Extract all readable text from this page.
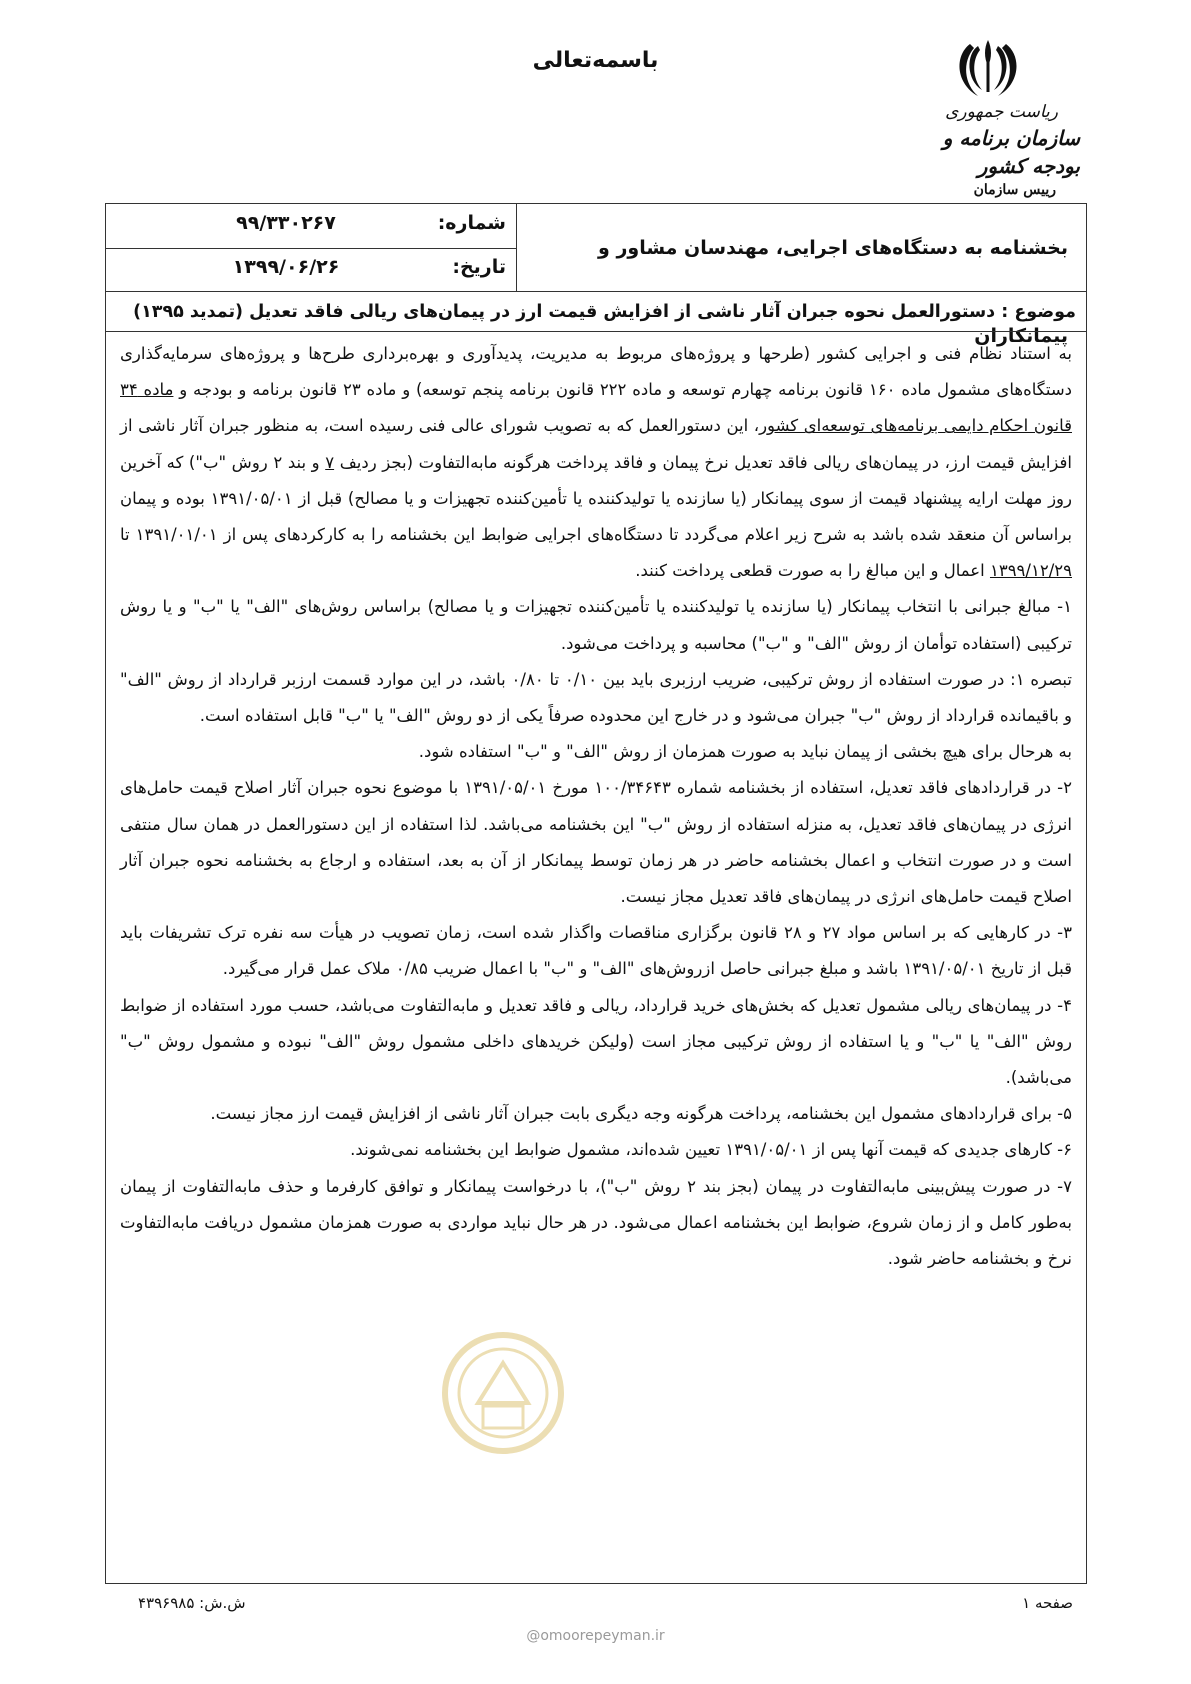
باسمه‌تعالی
ریاست جمهوری
سازمان برنامه و بودجه کشور
رییس سازمان
بخشنامه به دستگاه‌های اجرایی، مهندسان مشاور و پیمانکاران
شماره:
۹۹/۳۳۰۲۶۷
تاریخ:
۱۳۹۹/۰۶/۲۶
موضوع : دستورالعمل نحوه جبران آثار ناشی از افزایش قیمت ارز در پیمان‌های ریالی فاقد تعدیل (تمدید ۱۳۹۵)

به استناد نظام فنی و اجرایی کشور (طرحها و پروژه‌های مربوط به مدیریت، پدیدآوری و بهره‌برداری طرح‌ها و پروژه‌های سرمایه‌گذاری دستگاه‌های مشمول ماده ۱۶۰ قانون برنامه چهارم توسعه و ماده ۲۲۲ قانون برنامه پنجم توسعه) و ماده ۲۳ قانون برنامه و بودجه و ماده ۳۴ قانون احکام دایمی برنامه‌های توسعه‌ای کشور، این دستورالعمل که به تصویب شورای عالی فنی رسیده است، به منظور جبران آثار ناشی از افزایش قیمت ارز، در پیمان‌های ریالی فاقد تعدیل نرخ پیمان و فاقد پرداخت هرگونه مابه‌التفاوت (بجز ردیف ۷ و بند ۲ روش "ب") که آخرین روز مهلت ارایه پیشنهاد قیمت از سوی پیمانکار (یا سازنده یا تولیدکننده یا تأمین‌کننده تجهیزات و یا مصالح) قبل از ۱۳۹۱/۰۵/۰۱ بوده و پیمان براساس آن منعقد شده باشد به شرح زیر اعلام می‌گردد تا دستگاه‌های اجرایی ضوابط این بخشنامه را به کارکردهای پس از ۱۳۹۱/۰۱/۰۱ تا ۱۳۹۹/۱۲/۲۹ اعمال و این مبالغ را به صورت قطعی پرداخت کنند.

۱- مبالغ جبرانی با انتخاب پیمانکار (یا سازنده یا تولیدکننده یا تأمین‌کننده تجهیزات و یا مصالح) براساس روش‌های "الف" یا "ب" و یا روش ترکیبی (استفاده توأمان از روش "الف" و "ب") محاسبه و پرداخت می‌شود.

تبصره ۱: در صورت استفاده از روش ترکیبی، ضریب ارزبری باید بین ۰/۱۰ تا ۰/۸۰ باشد، در این موارد قسمت ارزبر قرارداد از روش "الف" و باقیمانده قرارداد از روش "ب" جبران می‌شود و در خارج این محدوده صرفاً یکی از دو روش "الف" یا "ب" قابل استفاده است.

به هرحال برای هیچ بخشی از پیمان نباید به صورت همزمان از روش "الف" و "ب" استفاده شود.

۲- در قراردادهای فاقد تعدیل، استفاده از بخشنامه شماره ۱۰۰/۳۴۶۴۳ مورخ ۱۳۹۱/۰۵/۰۱ با موضوع نحوه جبران آثار اصلاح قیمت حامل‌های انرژی در پیمان‌های فاقد تعدیل، به منزله استفاده از روش "ب" این بخشنامه می‌باشد. لذا استفاده از این دستورالعمل در همان سال منتفی است و در صورت انتخاب و اعمال بخشنامه حاضر در هر زمان توسط پیمانکار از آن به بعد، استفاده و ارجاع به بخشنامه نحوه جبران آثار اصلاح قیمت حامل‌های انرژی در پیمان‌های فاقد تعدیل مجاز نیست.

۳- در کارهایی که بر اساس مواد ۲۷ و ۲۸ قانون برگزاری مناقصات واگذار شده است، زمان تصویب در هیأت سه نفره ترک تشریفات باید قبل از تاریخ ۱۳۹۱/۰۵/۰۱ باشد و مبلغ جبرانی حاصل ازروش‌های "الف" و "ب" با اعمال ضریب ۰/۸۵ ملاک عمل قرار می‌گیرد.

۴- در پیمان‌های ریالی مشمول تعدیل که بخش‌های خرید قرارداد، ریالی و فاقد تعدیل و مابه‌التفاوت می‌باشد، حسب مورد استفاده از ضوابط روش "الف" یا "ب" و یا استفاده از روش ترکیبی مجاز است (ولیکن خریدهای داخلی مشمول روش "الف" نبوده و مشمول روش "ب" می‌باشد).

۵- برای قراردادهای مشمول این بخشنامه، پرداخت هرگونه وجه دیگری بابت جبران آثار ناشی از افزایش قیمت ارز مجاز نیست.

۶- کارهای جدیدی که قیمت آنها پس از ۱۳۹۱/۰۵/۰۱ تعیین شده‌اند، مشمول ضوابط این بخشنامه نمی‌شوند.

۷- در صورت پیش‌بینی مابه‌التفاوت در پیمان (بجز بند ۲ روش "ب")، با درخواست پیمانکار و توافق کارفرما و حذف مابه‌التفاوت از پیمان به‌طور کامل و از زمان شروع، ضوابط این بخشنامه اعمال می‌شود. در هر حال نباید مواردی به صورت همزمان مشمول دریافت مابه‌التفاوت نرخ و بخشنامه حاضر شود.

صفحه ۱
ش.ش: ۴۳۹۶۹۸۵
@omoorepeyman.ir
